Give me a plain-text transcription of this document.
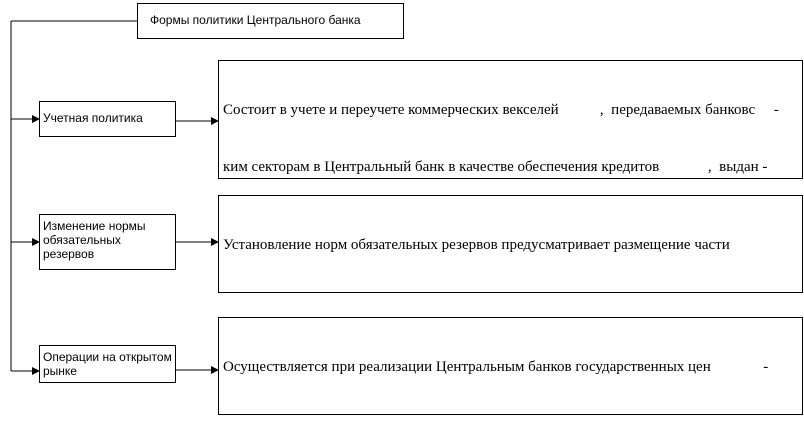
Формы политики Центрального банка
Учетная политика
Изменение нормы обязательных резервов
Операции на открытом рынке

Состоит в учете и переучете коммерческих векселей           ,  передаваемых банковс     -

ким секторам в Центральный банк в качестве обеспечения кредитов             ,  выдан -

Установление норм обязательных резервов предусматривает размещение части

Осуществляется при реализации Центральным банков государственных цен              -
